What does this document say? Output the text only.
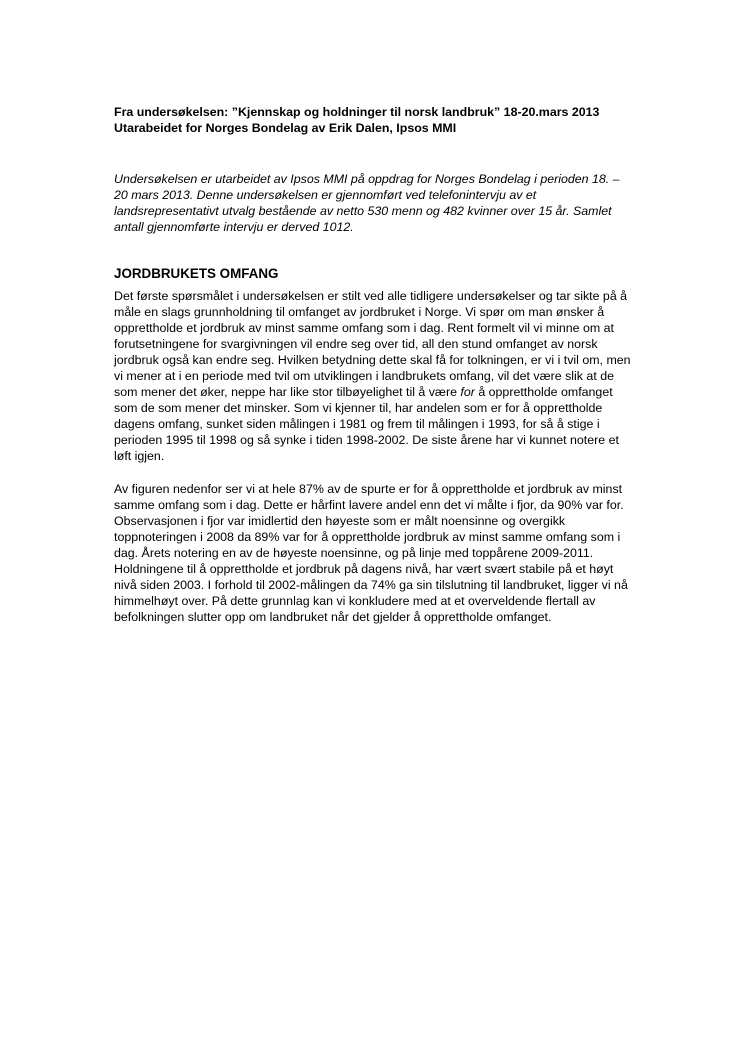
Fra undersøkelsen: ”Kjennskap og holdninger til norsk landbruk” 18-20.mars 2013

Utarabeidet for Norges Bondelag av Erik Dalen, Ipsos MMI

Undersøkelsen er utarbeidet av Ipsos MMI på oppdrag for Norges Bondelag i perioden 18. –
20 mars 2013. Denne undersøkelsen er gjennomført ved telefonintervju av et
landsrepresentativt utvalg bestående av netto 530 menn og 482 kvinner over 15 år. Samlet
antall gjennomførte intervju er derved 1012.

JORDBRUKETS OMFANG

Det første spørsmålet i undersøkelsen er stilt ved alle tidligere undersøkelser og tar sikte på å
måle en slags grunnholdning til omfanget av jordbruket i Norge. Vi spør om man ønsker å
opprettholde et jordbruk av minst samme omfang som i dag. Rent formelt vil vi minne om at
forutsetningene for svargivningen vil endre seg over tid, all den stund omfanget av norsk
jordbruk også kan endre seg. Hvilken betydning dette skal få for tolkningen, er vi i tvil om, men
vi mener at i en periode med tvil om utviklingen i landbrukets omfang, vil det være slik at de
som mener det øker, neppe har like stor tilbøyelighet til å være for å opprettholde omfanget
som de som mener det minsker. Som vi kjenner til, har andelen som er for å opprettholde
dagens omfang, sunket siden målingen i 1981 og frem til målingen i 1993, for så å stige i
perioden 1995 til 1998 og så synke i tiden 1998-2002. De siste årene har vi kunnet notere et
løft igjen.

Av figuren nedenfor ser vi at hele 87% av de spurte er for å opprettholde et jordbruk av minst
samme omfang som i dag. Dette er hårfint lavere andel enn det vi målte i fjor, da 90% var for.
Observasjonen i fjor var imidlertid den høyeste som er målt noensinne og overgikk
toppnoteringen i 2008 da 89% var for å opprettholde jordbruk av minst samme omfang som i
dag. Årets notering en av de høyeste noensinne, og på linje med toppårene 2009-2011.
Holdningene til å opprettholde et jordbruk på dagens nivå, har vært svært stabile på et høyt
nivå siden 2003. I forhold til 2002-målingen da 74% ga sin tilslutning til landbruket, ligger vi nå
himmelhøyt over. På dette grunnlag kan vi konkludere med at et overveldende flertall av
befolkningen slutter opp om landbruket når det gjelder å opprettholde omfanget.
